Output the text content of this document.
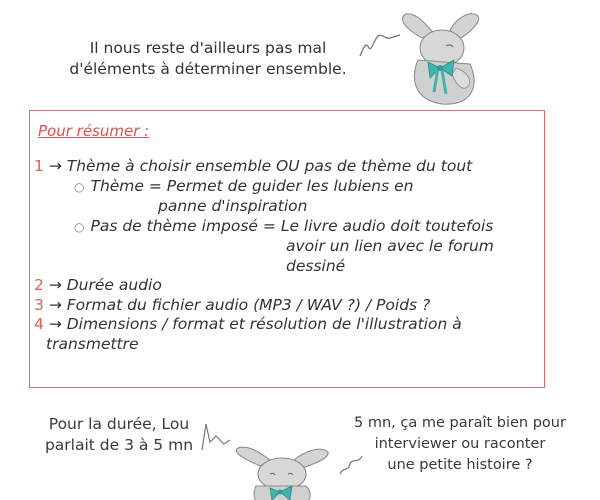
Il nous reste d'ailleurs pas mal
d'éléments à déterminer ensemble.
Pour résumer :
1 → Thème à choisir ensemble OU pas de thème du tout
○ Thème = Permet de guider les lubiens en
panne d'inspiration
○ Pas de thème imposé = Le livre audio doit toutefois
avoir un lien avec le forum
dessiné
2 → Durée audio
3 → Format du fichier audio (MP3 / WAV ?) / Poids ?
4 → Dimensions / format et résolution de l'illustration à
transmettre
Pour la durée, Lou
parlait de 3 à 5 mn
5 mn, ça me paraît bien pour
interviewer ou raconter
une petite histoire ?
